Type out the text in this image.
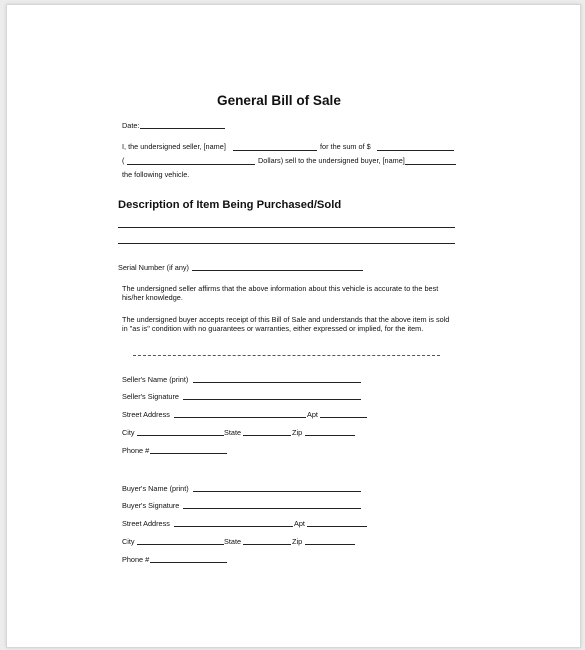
General Bill of Sale
Date:
I, the undersigned seller, [name]	for the sum of $
(	Dollars) sell to the undersigned buyer, [name]
the following vehicle.
Description of Item Being Purchased/Sold
Serial Number (if any)
The undersigned seller affirms that the above information about this vehicle is accurate to the best his/her knowledge.
The undersigned buyer accepts receipt of this Bill of Sale and understands that the above item is sold in "as is" condition with no guarantees or warranties, either expressed or implied, for the item.
Seller's Name (print)
Seller's Signature
Street Address	Apt
City	State	Zip
Phone #
Buyer's Name (print)
Buyer's Signature
Street Address	Apt
City	State	Zip
Phone #
